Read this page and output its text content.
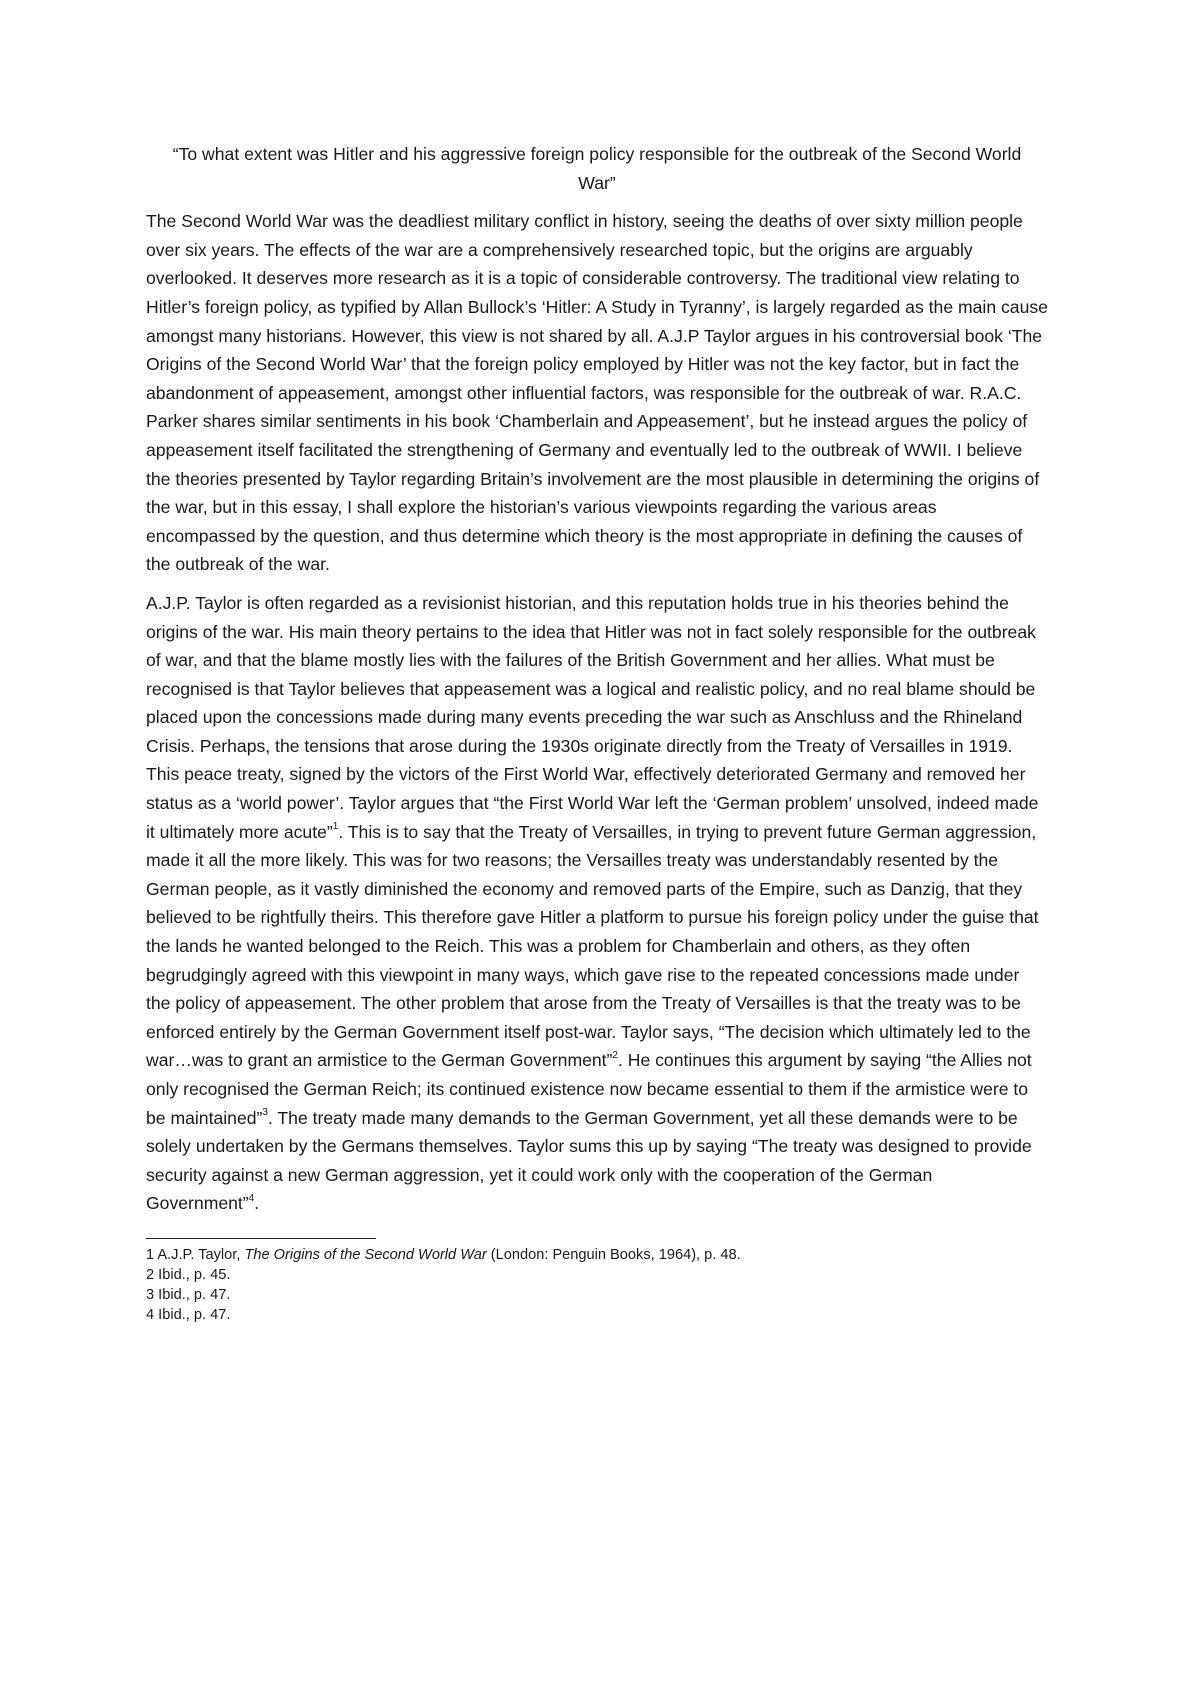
“To what extent was Hitler and his aggressive foreign policy responsible for the outbreak of the Second World War”

The Second World War was the deadliest military conflict in history, seeing the deaths of over sixty million people over six years. The effects of the war are a comprehensively researched topic, but the origins are arguably overlooked. It deserves more research as it is a topic of considerable controversy. The traditional view relating to Hitler’s foreign policy, as typified by Allan Bullock’s ‘Hitler: A Study in Tyranny’, is largely regarded as the main cause amongst many historians. However, this view is not shared by all. A.J.P Taylor argues in his controversial book ‘The Origins of the Second World War’ that the foreign policy employed by Hitler was not the key factor, but in fact the abandonment of appeasement, amongst other influential factors, was responsible for the outbreak of war. R.A.C. Parker shares similar sentiments in his book ‘Chamberlain and Appeasement’, but he instead argues the policy of appeasement itself facilitated the strengthening of Germany and eventually led to the outbreak of WWII. I believe the theories presented by Taylor regarding Britain’s involvement are the most plausible in determining the origins of the war, but in this essay, I shall explore the historian’s various viewpoints regarding the various areas encompassed by the question, and thus determine which theory is the most appropriate in defining the causes of the outbreak of the war.

A.J.P. Taylor is often regarded as a revisionist historian, and this reputation holds true in his theories behind the origins of the war. His main theory pertains to the idea that Hitler was not in fact solely responsible for the outbreak of war, and that the blame mostly lies with the failures of the British Government and her allies. What must be recognised is that Taylor believes that appeasement was a logical and realistic policy, and no real blame should be placed upon the concessions made during many events preceding the war such as Anschluss and the Rhineland Crisis. Perhaps, the tensions that arose during the 1930s originate directly from the Treaty of Versailles in 1919. This peace treaty, signed by the victors of the First World War, effectively deteriorated Germany and removed her status as a ‘world power’. Taylor argues that “the First World War left the ‘German problem’ unsolved, indeed made it ultimately more acute”$^1$. This is to say that the Treaty of Versailles, in trying to prevent future German aggression, made it all the more likely. This was for two reasons; the Versailles treaty was understandably resented by the German people, as it vastly diminished the economy and removed parts of the Empire, such as Danzig, that they believed to be rightfully theirs. This therefore gave Hitler a platform to pursue his foreign policy under the guise that the lands he wanted belonged to the Reich. This was a problem for Chamberlain and others, as they often begrudgingly agreed with this viewpoint in many ways, which gave rise to the repeated concessions made under the policy of appeasement. The other problem that arose from the Treaty of Versailles is that the treaty was to be enforced entirely by the German Government itself post-war. Taylor says, “The decision which ultimately led to the war…was to grant an armistice to the German Government”$^2$. He continues this argument by saying “the Allies not only recognised the German Reich; its continued existence now became essential to them if the armistice were to be maintained”$^3$. The treaty made many demands to the German Government, yet all these demands were to be solely undertaken by the Germans themselves. Taylor sums this up by saying “The treaty was designed to provide security against a new German aggression, yet it could work only with the cooperation of the German Government”$^4$.

1 A.J.P. Taylor, The Origins of the Second World War (London: Penguin Books, 1964), p. 48.

2 Ibid., p. 45.

3 Ibid., p. 47.

4 Ibid., p. 47.
